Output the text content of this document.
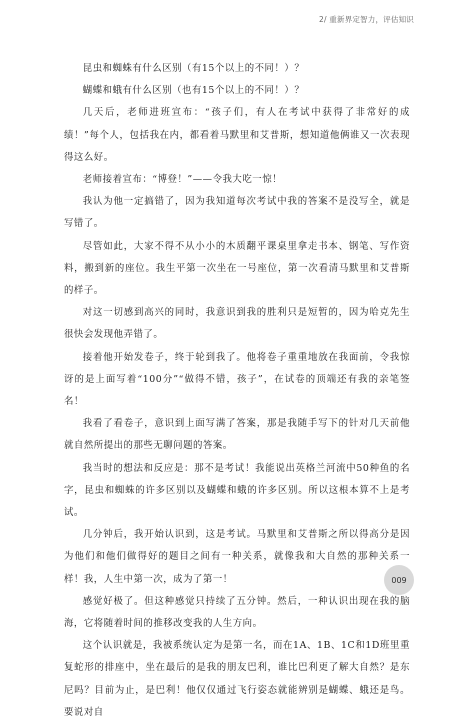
2/ 重新界定智力，评估知识

昆虫和蜘蛛有什么区别（有15个以上的不同！）？

蝴蝶和蛾有什么区别（也有15个以上的不同！）？

几天后，老师进班宣布：“孩子们，有人在考试中获得了非常好的成绩！”每个人，包括我在内，都看着马默里和艾普斯，想知道他俩谁又一次表现得这么好。

老师接着宣布：“博登！”——令我大吃一惊！

我认为他一定搞错了，因为我知道每次考试中我的答案不是没写全，就是写错了。

尽管如此，大家不得不从小小的木质翻平课桌里拿走书本、钢笔、写作资料，搬到新的座位。我生平第一次坐在一号座位，第一次看清马默里和艾普斯的样子。

对这一切感到高兴的同时，我意识到我的胜利只是短暂的，因为哈克先生很快会发现他弄错了。

接着他开始发卷子，终于轮到我了。他将卷子重重地放在我面前，令我惊讶的是上面写着“100分”“做得不错，孩子”，在试卷的顶端还有我的亲笔签名！

我看了看卷子，意识到上面写满了答案，那是我随手写下的针对几天前他就自然所提出的那些无聊问题的答案。

我当时的想法和反应是：那不是考试！我能说出英格兰河流中50种鱼的名字，昆虫和蜘蛛的许多区别以及蝴蝶和蛾的许多区别。所以这根本算不上是考试。

几分钟后，我开始认识到，这是考试。马默里和艾普斯之所以得高分是因为他们和他们做得好的题目之间有一种关系，就像我和大自然的那种关系一样！我，人生中第一次，成为了第一！

感觉好极了。但这种感觉只持续了五分钟。然后，一种认识出现在我的脑海，它将随着时间的推移改变我的人生方向。

这个认识就是，我被系统认定为是第一名，而在1A、1B、1C和1D班里重复蛇形的排座中，坐在最后的是我的朋友巴利，谁比巴利更了解大自然？是东尼吗？目前为止，是巴利！他仅仅通过飞行姿态就能辨别是蝴蝶、蛾还是鸟。要说对自

009
